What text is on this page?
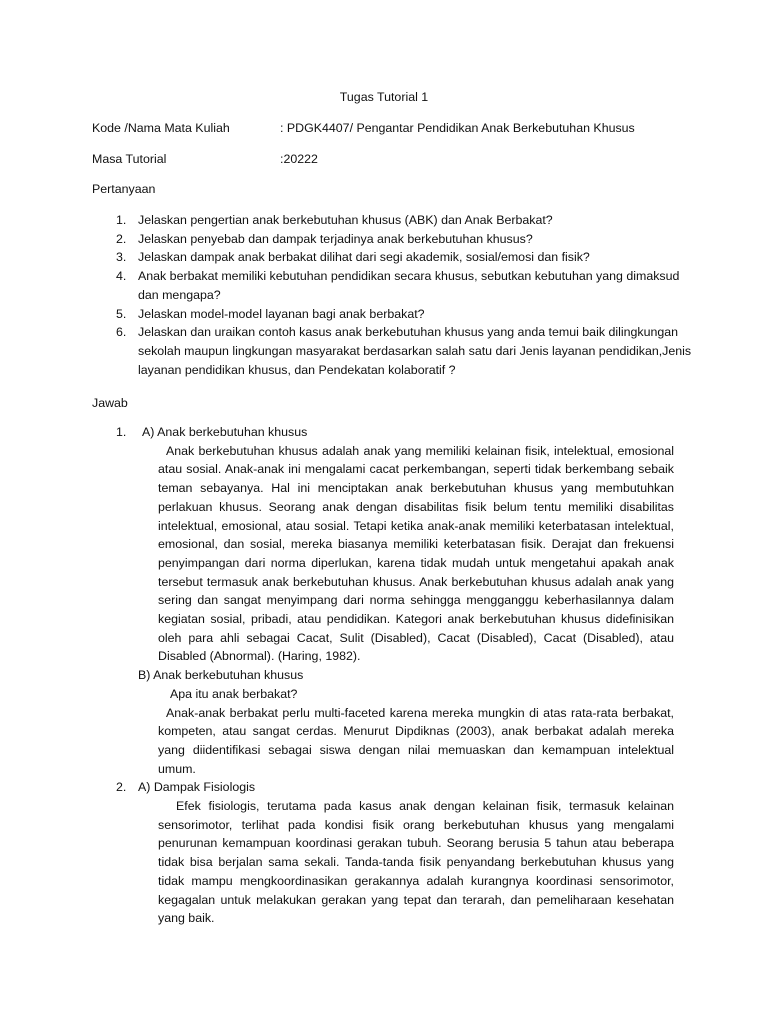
Tugas Tutorial 1
Kode /Nama Mata Kuliah	: PDGK4407/ Pengantar Pendidikan Anak Berkebutuhan Khusus
Masa Tutorial	:20222
Pertanyaan
1. Jelaskan pengertian anak berkebutuhan khusus (ABK) dan Anak Berbakat?
2. Jelaskan penyebab dan dampak terjadinya anak berkebutuhan khusus?
3. Jelaskan dampak anak berbakat dilihat dari segi akademik, sosial/emosi dan fisik?
4. Anak berbakat memiliki kebutuhan pendidikan secara khusus, sebutkan kebutuhan yang dimaksud dan mengapa?
5. Jelaskan model-model layanan bagi anak berbakat?
6. Jelaskan dan uraikan contoh kasus anak berkebutuhan khusus yang anda temui baik dilingkungan sekolah maupun lingkungan masyarakat berdasarkan salah satu dari Jenis layanan pendidikan,Jenis layanan pendidikan khusus, dan Pendekatan kolaboratif ?
Jawab
1.	A) Anak berkebutuhan khusus

Anak berkebutuhan khusus adalah anak yang memiliki kelainan fisik, intelektual, emosional atau sosial. Anak-anak ini mengalami cacat perkembangan, seperti tidak berkembang sebaik teman sebayanya. Hal ini menciptakan anak berkebutuhan khusus yang membutuhkan perlakuan khusus. Seorang anak dengan disabilitas fisik belum tentu memiliki disabilitas intelektual, emosional, atau sosial. Tetapi ketika anak-anak memiliki keterbatasan intelektual, emosional, dan sosial, mereka biasanya memiliki keterbatasan fisik. Derajat dan frekuensi penyimpangan dari norma diperlukan, karena tidak mudah untuk mengetahui apakah anak tersebut termasuk anak berkebutuhan khusus. Anak berkebutuhan khusus adalah anak yang sering dan sangat menyimpang dari norma sehingga mengganggu keberhasilannya dalam kegiatan sosial, pribadi, atau pendidikan. Kategori anak berkebutuhan khusus didefinisikan oleh para ahli sebagai Cacat, Sulit (Disabled), Cacat (Disabled), Cacat (Disabled), atau Disabled (Abnormal). (Haring, 1982).

B) Anak berkebutuhan khusus
Apa itu anak berbakat?

Anak-anak berbakat perlu multi-faceted karena mereka mungkin di atas rata-rata berbakat, kompeten, atau sangat cerdas. Menurut Dipdiknas (2003), anak berbakat adalah mereka yang diidentifikasi sebagai siswa dengan nilai memuaskan dan kemampuan intelektual umum.

2. A) Dampak Fisiologis

Efek fisiologis, terutama pada kasus anak dengan kelainan fisik, termasuk kelainan sensorimotor, terlihat pada kondisi fisik orang berkebutuhan khusus yang mengalami penurunan kemampuan koordinasi gerakan tubuh. Seorang berusia 5 tahun atau beberapa tidak bisa berjalan sama sekali. Tanda-tanda fisik penyandang berkebutuhan khusus yang tidak mampu mengkoordinasikan gerakannya adalah kurangnya koordinasi sensorimotor, kegagalan untuk melakukan gerakan yang tepat dan terarah, dan pemeliharaan kesehatan yang baik.
